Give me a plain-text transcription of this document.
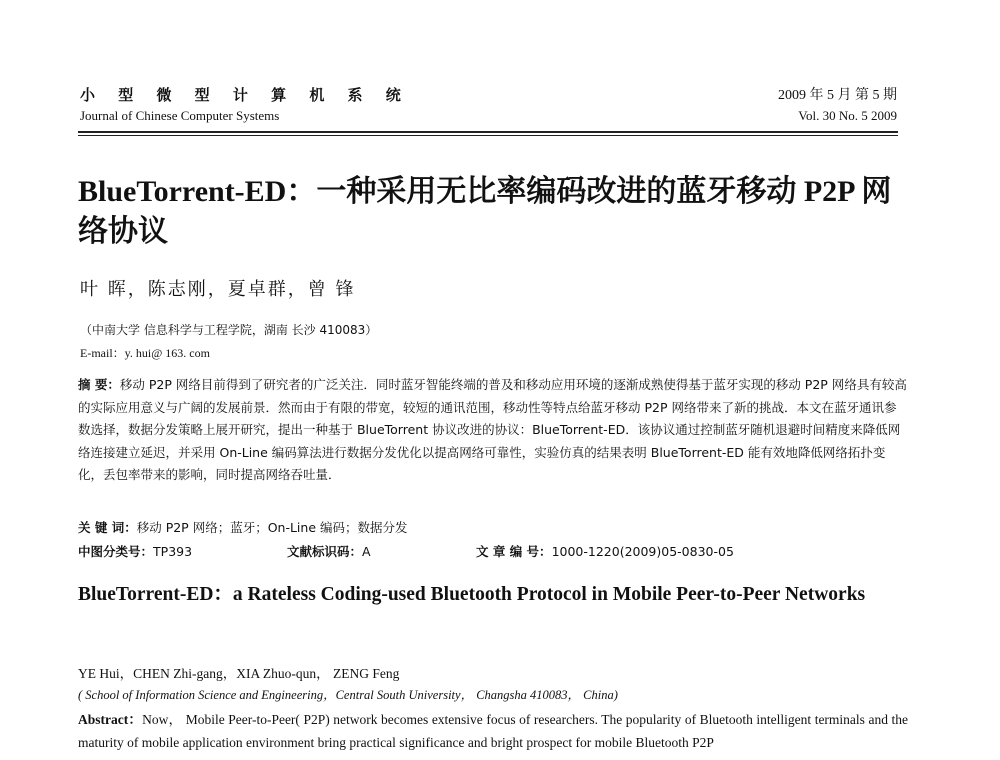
小 型 微 型 计 算 机 系 统
Journal of Chinese Computer Systems
2009 年 5 月 第 5 期
Vol. 30 No. 5 2009
BlueTorrent-ED：一种采用无比率编码改进的蓝牙移动 P2P 网络协议
叶 晖，陈志刚，夏卓群，曾 锋
（中南大学 信息科学与工程学院，湖南 长沙 410083）
E-mail：y. hui@ 163. com
摘 要：移动 P2P 网络目前得到了研究者的广泛关注．同时蓝牙智能终端的普及和移动应用环境的逐渐成熟使得基于蓝牙实现的移动 P2P 网络具有较高的实际应用意义与广阔的发展前景．然而由于有限的带宽，较短的通讯范围，移动性等特点给蓝牙移动 P2P 网络带来了新的挑战．本文在蓝牙通讯参数选择，数据分发策略上展开研究，提出一种基于 BlueTorrent 协议改进的协议：BlueTorrent-ED．该协议通过控制蓝牙随机退避时间精度来降低网络连接建立延迟，并采用 On-Line 编码算法进行数据分发优化以提高网络可靠性，实验仿真的结果表明 BlueTorrent-ED 能有效地降低网络拓扑变化，丢包率带来的影响，同时提高网络吞吐量．
关 键 词：移动 P2P 网络；蓝牙；On-Line 编码；数据分发
中图分类号：TP393	文献标识码：A	文 章 编 号：1000-1220(2009)05-0830-05
BlueTorrent-ED：a Rateless Coding-used Bluetooth Protocol in Mobile Peer-to-Peer Networks
YE Hui，CHEN Zhi-gang，XIA Zhuo-qun， ZENG Feng
( School of Information Science and Engineering，Central South University， Changsha 410083， China)
Abstract：Now， Mobile Peer-to-Peer( P2P) network becomes extensive focus of researchers. The popularity of Bluetooth intelligent terminals and the maturity of mobile application environment bring practical significance and bright prospect for mobile Bluetooth P2P
